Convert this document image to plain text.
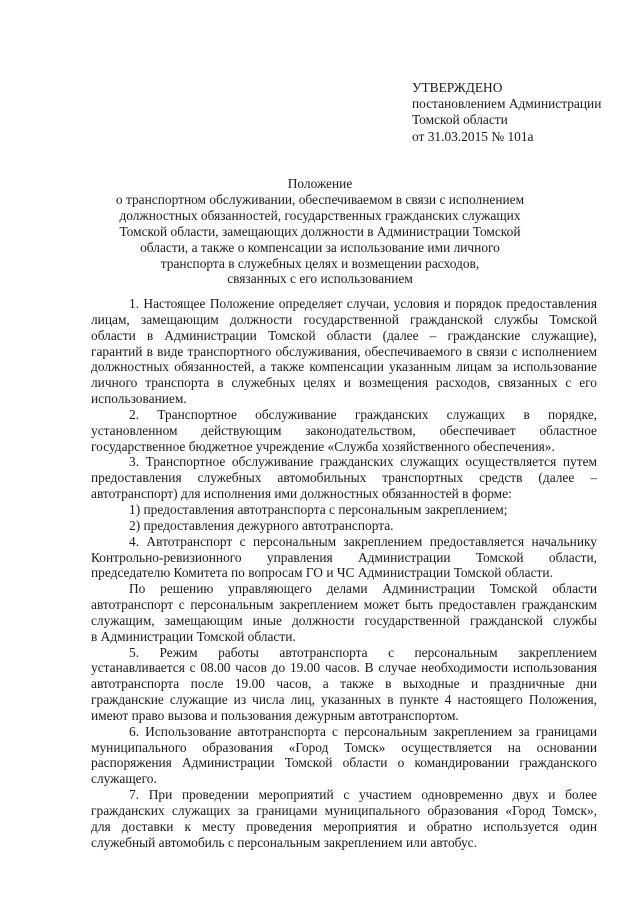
УТВЕРЖДЕНО
постановлением Администрации
Томской области
от 31.03.2015 № 101а
Положение
о транспортном обслуживании, обеспечиваемом в связи с исполнением
должностных обязанностей, государственных гражданских служащих
Томской области, замещающих должности в Администрации Томской
области, а также о компенсации за использование ими личного
транспорта в служебных целях и возмещении расходов,
связанных с его использованием

1. Настоящее Положение определяет случаи, условия и порядок предоставления
лицам, замещающим должности государственной гражданской службы Томской
области в Администрации Томской области (далее – гражданские служащие),
гарантий в виде транспортного обслуживания, обеспечиваемого в связи с исполнением
должностных обязанностей, а также компенсации указанным лицам за использование
личного транспорта в служебных целях и возмещения расходов, связанных с его
использованием.

2. Транспортное обслуживание гражданских служащих в порядке,
установленном действующим законодательством, обеспечивает областное
государственное бюджетное учреждение «Служба хозяйственного обеспечения».

3. Транспортное обслуживание гражданских служащих осуществляется путем
предоставления служебных автомобильных транспортных средств (далее –
автотранспорт) для исполнения ими должностных обязанностей в форме:

1) предоставления автотранспорта с персональным закреплением;

2) предоставления дежурного автотранспорта.

4. Автотранспорт с персональным закреплением предоставляется начальнику
Контрольно-ревизионного управления Администрации Томской области,
председателю Комитета по вопросам ГО и ЧС Администрации Томской области.

По решению управляющего делами Администрации Томской области
автотранспорт с персональным закреплением может быть предоставлен гражданским
служащим, замещающим иные должности государственной гражданской службы
в Администрации Томской области.

5. Режим работы автотранспорта с персональным закреплением
устанавливается с 08.00 часов до 19.00 часов. В случае необходимости использования
автотранспорта после 19.00 часов, а также в выходные и праздничные дни
гражданские служащие из числа лиц, указанных в пункте 4 настоящего Положения,
имеют право вызова и пользования дежурным автотранспортом.

6. Использование автотранспорта с персональным закреплением за границами
муниципального образования «Город Томск» осуществляется на основании
распоряжения Администрации Томской области о командировании гражданского
служащего.

7. При проведении мероприятий с участием одновременно двух и более
гражданских служащих за границами муниципального образования «Город Томск»,
для доставки к месту проведения мероприятия и обратно используется один
служебный автомобиль с персональным закреплением или автобус.
